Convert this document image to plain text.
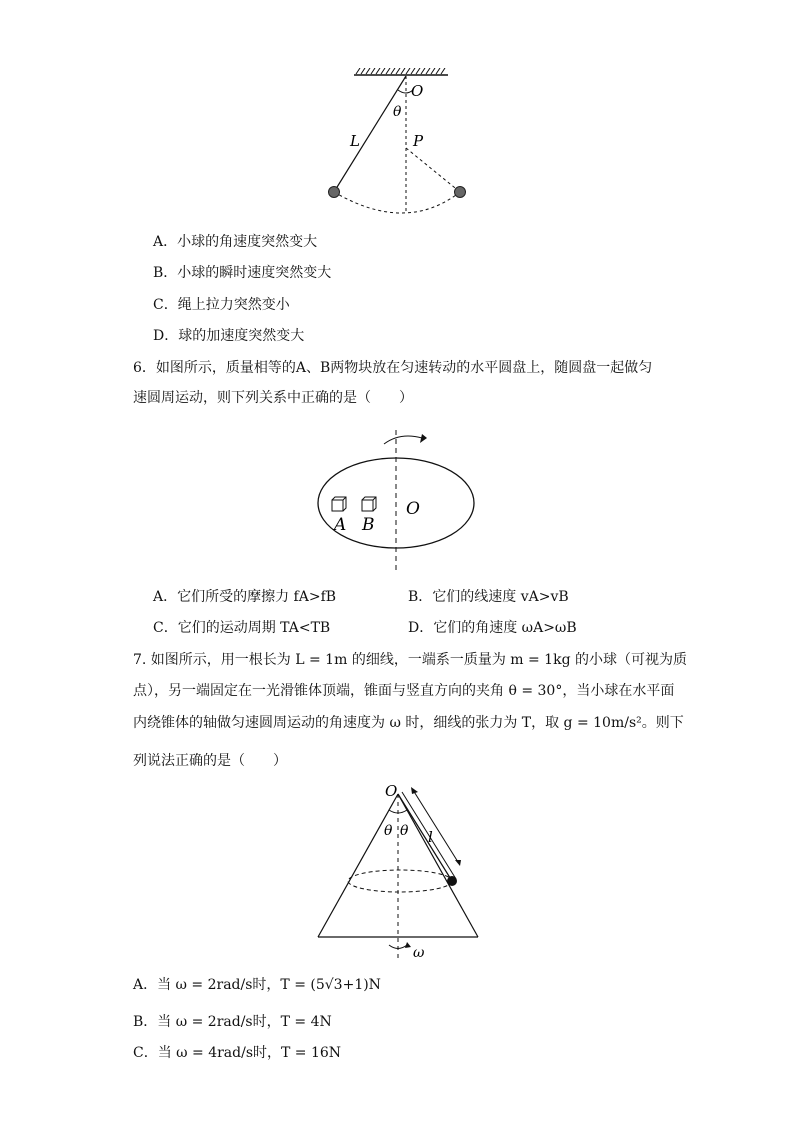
O
θ
L	P
A．小球的角速度突然变大
B．小球的瞬时速度突然变大
C．绳上拉力突然变小
D．球的加速度突然变大
6．如图所示，质量相等的A、B两物块放在匀速转动的水平圆盘上，随圆盘一起做匀
速圆周运动，则下列关系中正确的是（　　）
A B
O
A．它们所受的摩擦力 fA>fB	B．它们的线速度 vA>vB
C．它们的运动周期 TA<TB	D．它们的角速度 ωA>ωB
7. 如图所示，用一根长为 L = 1m 的细线，一端系一质量为 m = 1kg 的小球（可视为质
点），另一端固定在一光滑锥体顶端，锥面与竖直方向的夹角 θ = 30°，当小球在水平面
内绕锥体的轴做匀速圆周运动的角速度为 ω 时，细线的张力为 T，取 g = 10m/s²。则下
列说法正确的是（　　）
O
θ θ l
ω
A．当 ω = 2rad/s时，T = (5√3+1)N
B．当 ω = 2rad/s时，T = 4N
C．当 ω = 4rad/s时，T = 16N
